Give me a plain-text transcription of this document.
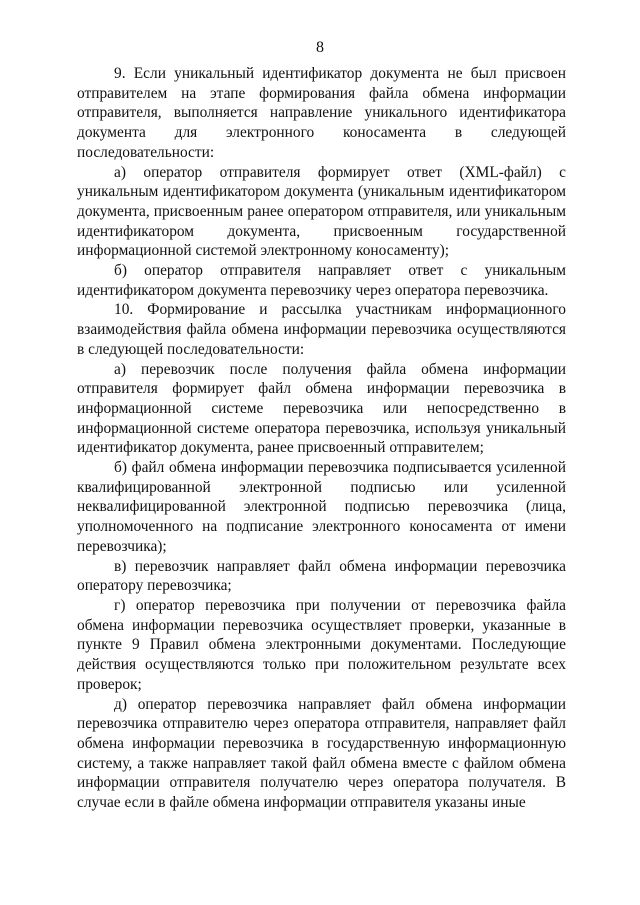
8

9. Если уникальный идентификатор документа не был присвоен отправителем на этапе формирования файла обмена информации отправителя, выполняется направление уникального идентификатора документа для электронного коносамента в следующей последовательности:

а) оператор отправителя формирует ответ (XML-файл) с уникальным идентификатором документа (уникальным идентификатором документа, присвоенным ранее оператором отправителя, или уникальным идентификатором документа, присвоенным государственной информационной системой электронному коносаменту);

б) оператор отправителя направляет ответ с уникальным идентификатором документа перевозчику через оператора перевозчика.

10. Формирование и рассылка участникам информационного взаимодействия файла обмена информации перевозчика осуществляются в следующей последовательности:

а) перевозчик после получения файла обмена информации отправителя формирует файл обмена информации перевозчика в информационной системе перевозчика или непосредственно в информационной системе оператора перевозчика, используя уникальный идентификатор документа, ранее присвоенный отправителем;

б) файл обмена информации перевозчика подписывается усиленной квалифицированной электронной подписью или усиленной неквалифицированной электронной подписью перевозчика (лица, уполномоченного на подписание электронного коносамента от имени перевозчика);

в) перевозчик направляет файл обмена информации перевозчика оператору перевозчика;

г) оператор перевозчика при получении от перевозчика файла обмена информации перевозчика осуществляет проверки, указанные в пункте 9 Правил обмена электронными документами. Последующие действия осуществляются только при положительном результате всех проверок;

д) оператор перевозчика направляет файл обмена информации перевозчика отправителю через оператора отправителя, направляет файл обмена информации перевозчика в государственную информационную систему, а также направляет такой файл обмена вместе с файлом обмена информации отправителя получателю через оператора получателя. В случае если в файле обмена информации отправителя указаны иные
